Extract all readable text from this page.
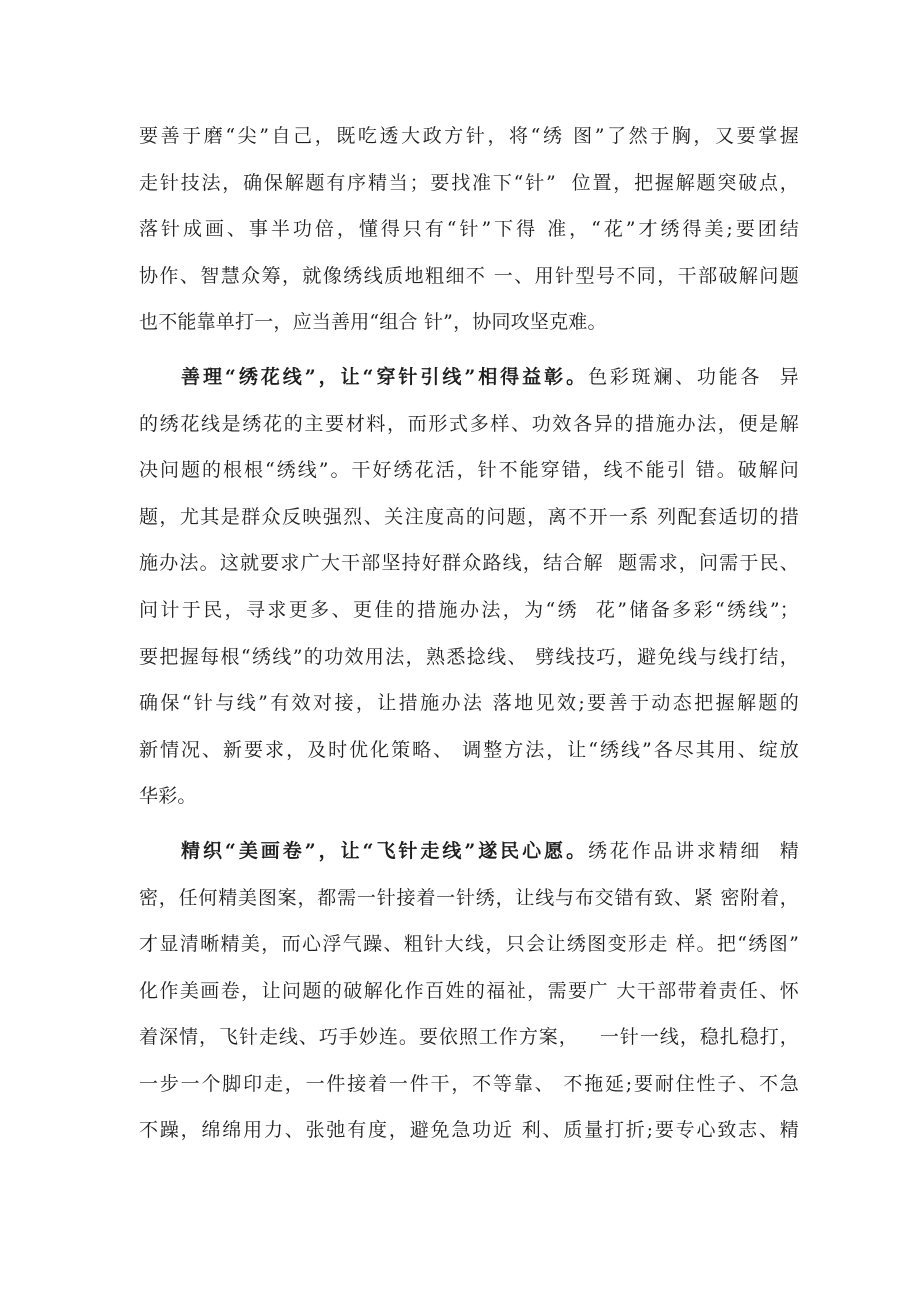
要善于磨“尖”自己，既吃透大政方针，将“绣 图”了然于胸，又要掌握
走针技法，确保解题有序精当；要找准下“针”  位置，把握解题突破点，
落针成画、事半功倍，懂得只有“针”下得 准，“花”才绣得美;要团结
协作、智慧众筹，就像绣线质地粗细不 一、用针型号不同，干部破解问题
也不能靠单打一，应当善用“组合 针”，协同攻坚克难。
善理“绣花线”，让“穿针引线”相得益彰。色彩斑斓、功能各  异
的绣花线是绣花的主要材料，而形式多样、功效各异的措施办法，便是解
决问题的根根“绣线”。干好绣花活，针不能穿错，线不能引 错。破解问
题，尤其是群众反映强烈、关注度高的问题，离不开一系 列配套适切的措
施办法。这就要求广大干部坚持好群众路线，结合解  题需求，问需于民、
问计于民，寻求更多、更佳的措施办法，为“绣  花”储备多彩“绣线”；
要把握每根“绣线”的功效用法，熟悉捻线、 劈线技巧，避免线与线打结，
确保“针与线”有效对接，让措施办法 落地见效;要善于动态把握解题的
新情况、新要求，及时优化策略、 调整方法，让“绣线”各尽其用、绽放
华彩。
精织“美画卷”，让“飞针走线”遂民心愿。绣花作品讲求精细  精
密，任何精美图案，都需一针接着一针绣，让线与布交错有致、紧 密附着，
才显清晰精美，而心浮气躁、粗针大线，只会让绣图变形走 样。把“绣图”
化作美画卷，让问题的破解化作百姓的福祉，需要广 大干部带着责任、怀
着深情，飞针走线、巧手妙连。要依照工作方案，   一针一线，稳扎稳打，
一步一个脚印走，一件接着一件干，不等靠、 不拖延;要耐住性子、不急
不躁，绵绵用力、张弛有度，避免急功近 利、质量打折;要专心致志、精
